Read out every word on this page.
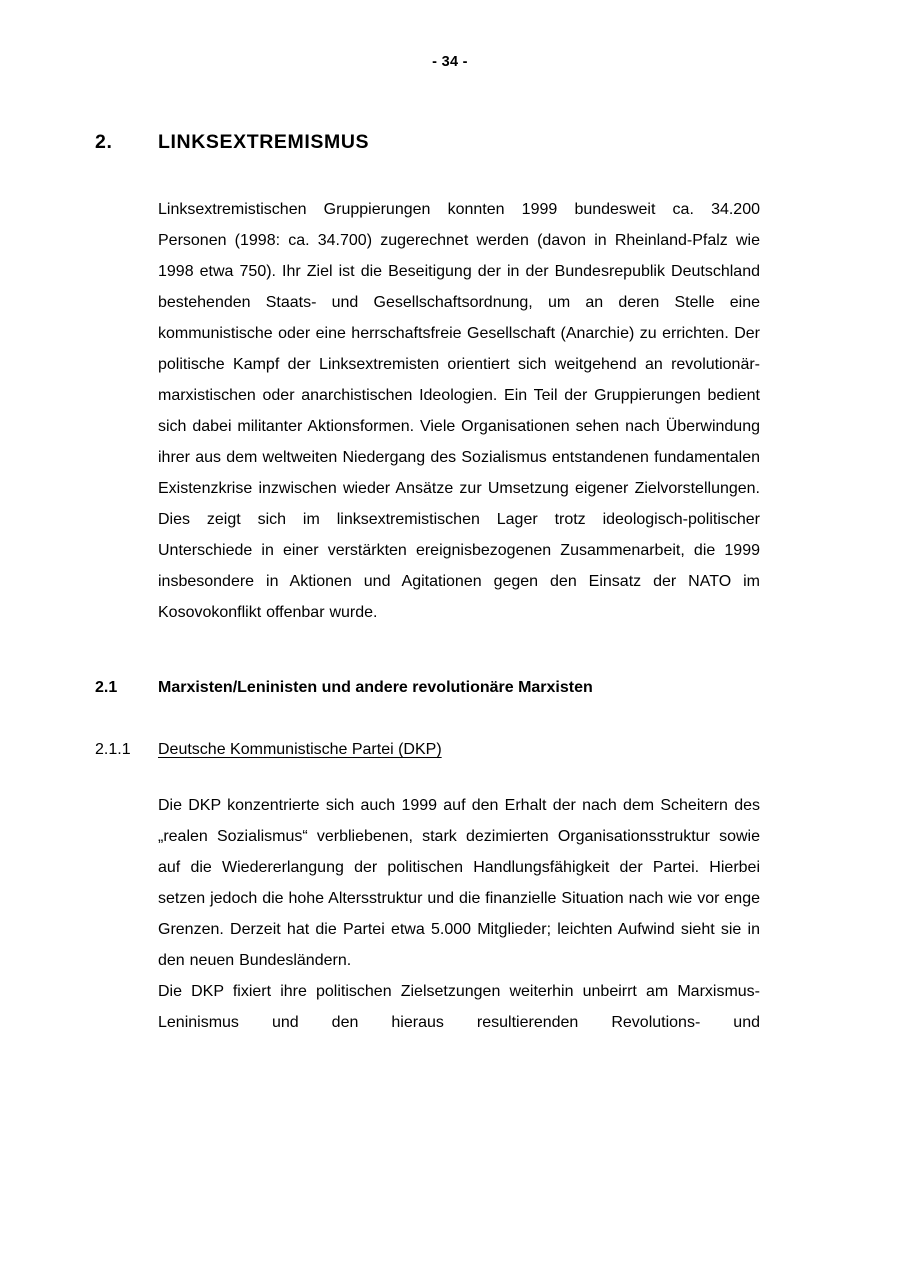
- 34 -
2.	LINKSEXTREMISMUS

Linksextremistischen Gruppierungen konnten 1999 bundesweit ca. 34.200 Personen (1998: ca. 34.700) zugerechnet werden (davon in Rheinland-Pfalz wie 1998 etwa 750). Ihr Ziel ist die Beseitigung der in der Bundesrepublik Deutschland bestehenden Staats- und Gesellschaftsordnung, um an deren Stelle eine kommunistische oder eine herrschaftsfreie Gesellschaft (Anarchie) zu errichten. Der politische Kampf der Linksextremisten orientiert sich weitgehend an revolutionär-marxistischen oder anarchistischen Ideologien. Ein Teil der Gruppierungen bedient sich dabei militanter Aktionsformen. Viele Organisationen sehen nach Überwindung ihrer aus dem weltweiten Niedergang des Sozialismus entstandenen fundamentalen Existenzkrise inzwischen wieder Ansätze zur Umsetzung eigener Zielvorstellungen. Dies zeigt sich im linksextremistischen Lager trotz ideologisch-politischer Unterschiede in einer verstärkten ereignisbezogenen Zusammenarbeit, die 1999 insbesondere in Aktionen und Agitationen gegen den Einsatz der NATO im Kosovokonflikt offenbar wurde.

2.1	Marxisten/Leninisten und andere revolutionäre Marxisten
2.1.1	Deutsche Kommunistische Partei (DKP)

Die DKP konzentrierte sich auch 1999 auf den Erhalt der nach dem Scheitern des „realen Sozialismus“ verbliebenen, stark dezimierten Organisationsstruktur sowie auf die Wiedererlangung der politischen Handlungsfähigkeit der Partei. Hierbei setzen jedoch die hohe Altersstruktur und die finanzielle Situation nach wie vor enge Grenzen. Derzeit hat die Partei etwa 5.000 Mitglieder; leichten Aufwind sieht sie in den neuen Bundesländern.

Die DKP fixiert ihre politischen Zielsetzungen weiterhin unbeirrt am Marxismus-Leninismus und den hieraus resultierenden Revolutions- und
